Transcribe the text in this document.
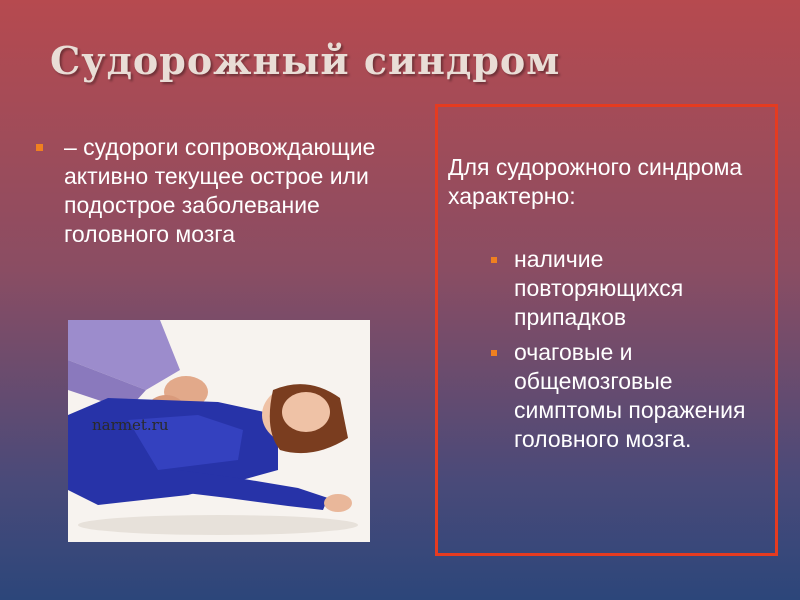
Судорожный синдром
– судороги сопровождающие активно текущее острое или подострое заболевание головного мозга
narmet.ru
Для судорожного синдрома характерно:
наличие повторяющихся припадков
очаговые и общемозговые симптомы поражения головного мозга.
